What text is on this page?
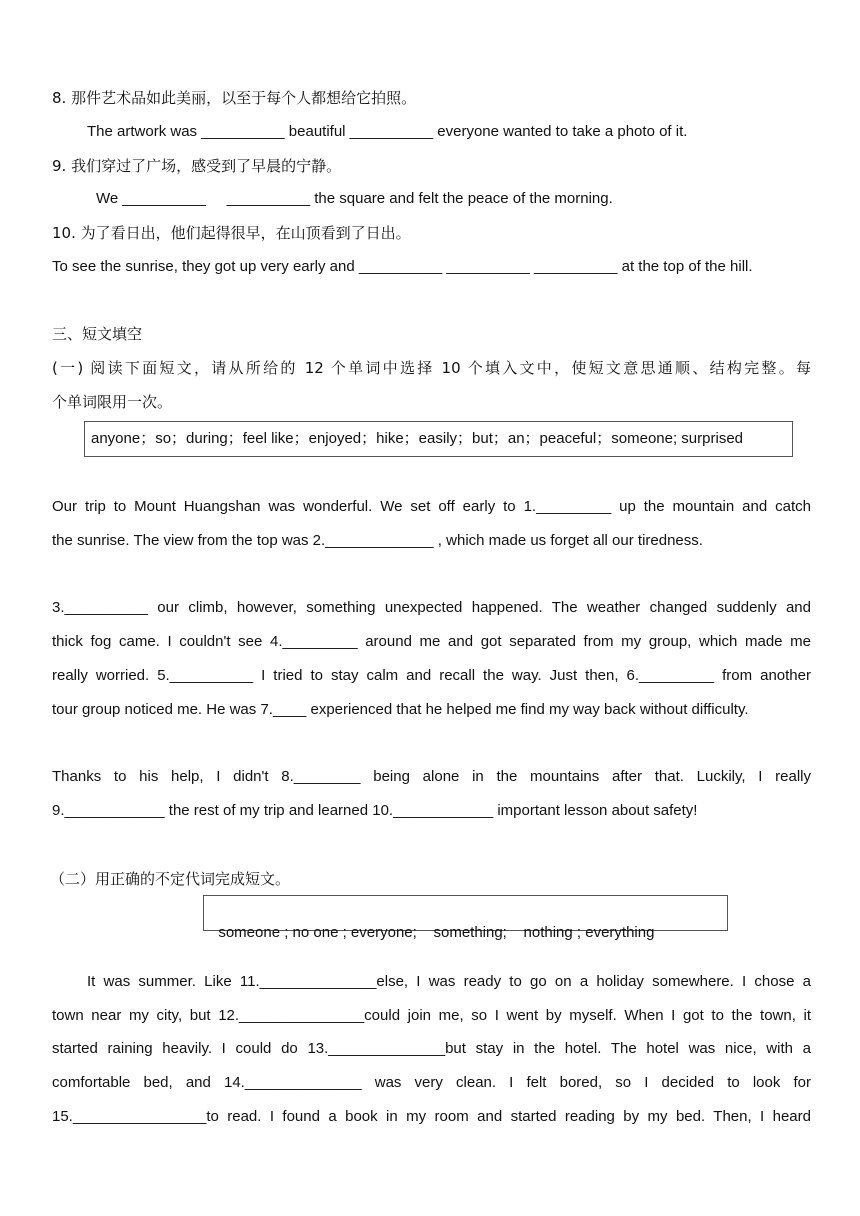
8. 那件艺术品如此美丽，以至于每个人都想给它拍照。
The artwork was __________ beautiful __________ everyone wanted to take a photo of it.
9. 我们穿过了广场，感受到了早晨的宁静。
We __________     __________ the square and felt the peace of the morning.
10. 为了看日出，他们起得很早，在山顶看到了日出。
To see the sunrise, they got up very early and __________ __________ __________ at the top of the hill.
三、短文填空
(一) 阅读下面短文，请从所给的 12 个单词中选择 10 个填入文中，使短文意思通顺、结构完整。每
个单词限用一次。
anyone；so；during；feel like；enjoyed；hike；easily；but；an；peaceful；someone; surprised
Our trip to Mount Huangshan was wonderful. We set off early to 1._________ up the mountain and catch
the sunrise. The view from the top was 2._____________ , which made us forget all our tiredness.
3.__________ our climb, however, something unexpected happened. The weather changed suddenly and
thick fog came. I couldn't see 4._________ around me and got separated from my group, which made me
really worried. 5.__________ I tried to stay calm and recall the way. Just then, 6._________ from another
tour group noticed me. He was 7.____ experienced that he helped me find my way back without difficulty.
Thanks to his help, I didn't 8.________ being alone in the mountains after that. Luckily, I really
9.____________ the rest of my trip and learned 10.____________ important lesson about safety!
（二）用正确的不定代词完成短文。

someone ; no one ; everyone;    something;    nothing ; everything

It was summer. Like 11.______________else, I was ready to go on a holiday somewhere. I chose a
town near my city, but 12._______________could join me, so I went by myself. When I got to the town, it
started raining heavily. I could do 13.______________but stay in the hotel. The hotel was nice, with a
comfortable bed, and 14.______________ was very clean. I felt bored, so I decided to look for
15.________________to read. I found a book in my room and started reading by my bed. Then, I heard
